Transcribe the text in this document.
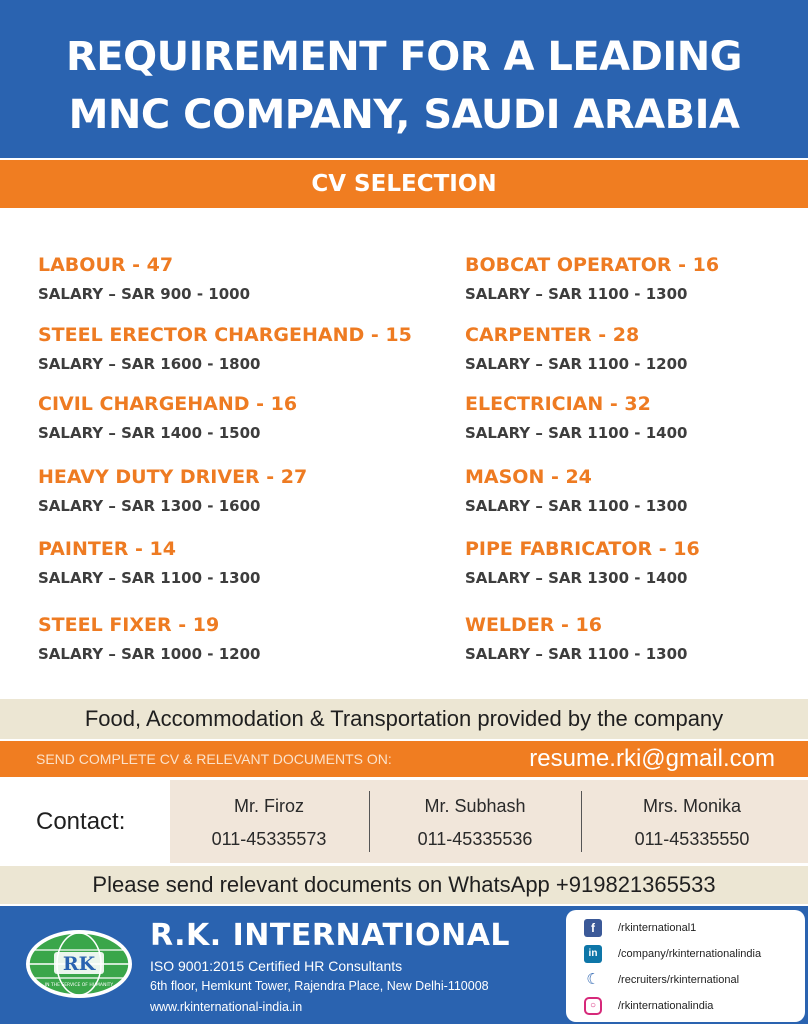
REQUIREMENT FOR A LEADING
MNC COMPANY, SAUDI ARABIA
CV SELECTION
LABOUR - 47
SALARY – SAR 900 - 1000
STEEL ERECTOR CHARGEHAND - 15
SALARY – SAR 1600 - 1800
CIVIL CHARGEHAND - 16
SALARY – SAR 1400 - 1500
HEAVY DUTY DRIVER - 27
SALARY – SAR 1300 - 1600
PAINTER - 14
SALARY – SAR 1100 - 1300
STEEL FIXER - 19
SALARY – SAR 1000 - 1200
BOBCAT OPERATOR - 16
SALARY – SAR 1100 - 1300
CARPENTER - 28
SALARY – SAR 1100 - 1200
ELECTRICIAN - 32
SALARY – SAR 1100 - 1400
MASON - 24
SALARY – SAR 1100 - 1300
PIPE FABRICATOR - 16
SALARY – SAR 1300 - 1400
WELDER - 16
SALARY – SAR 1100 - 1300
Food, Accommodation & Transportation provided by the company
SEND COMPLETE CV & RELEVANT DOCUMENTS ON:	resume.rki@gmail.com
Contact:
Mr. Firoz
011-45335573
Mr. Subhash
011-45335536
Mrs. Monika
011-45335550
Please send relevant documents on WhatsApp +919821365533
RK
IN THE SERVICE OF HUMANITY
R.K. INTERNATIONAL
ISO 9001:2015 Certified HR Consultants
6th floor, Hemkunt Tower, Rajendra Place, New Delhi-110008
www.rkinternational-india.in
f	/rkinternational1
in	/company/rkinternationalindia
☾ /recruiters/rkinternational
○	/rkinternationalindia
